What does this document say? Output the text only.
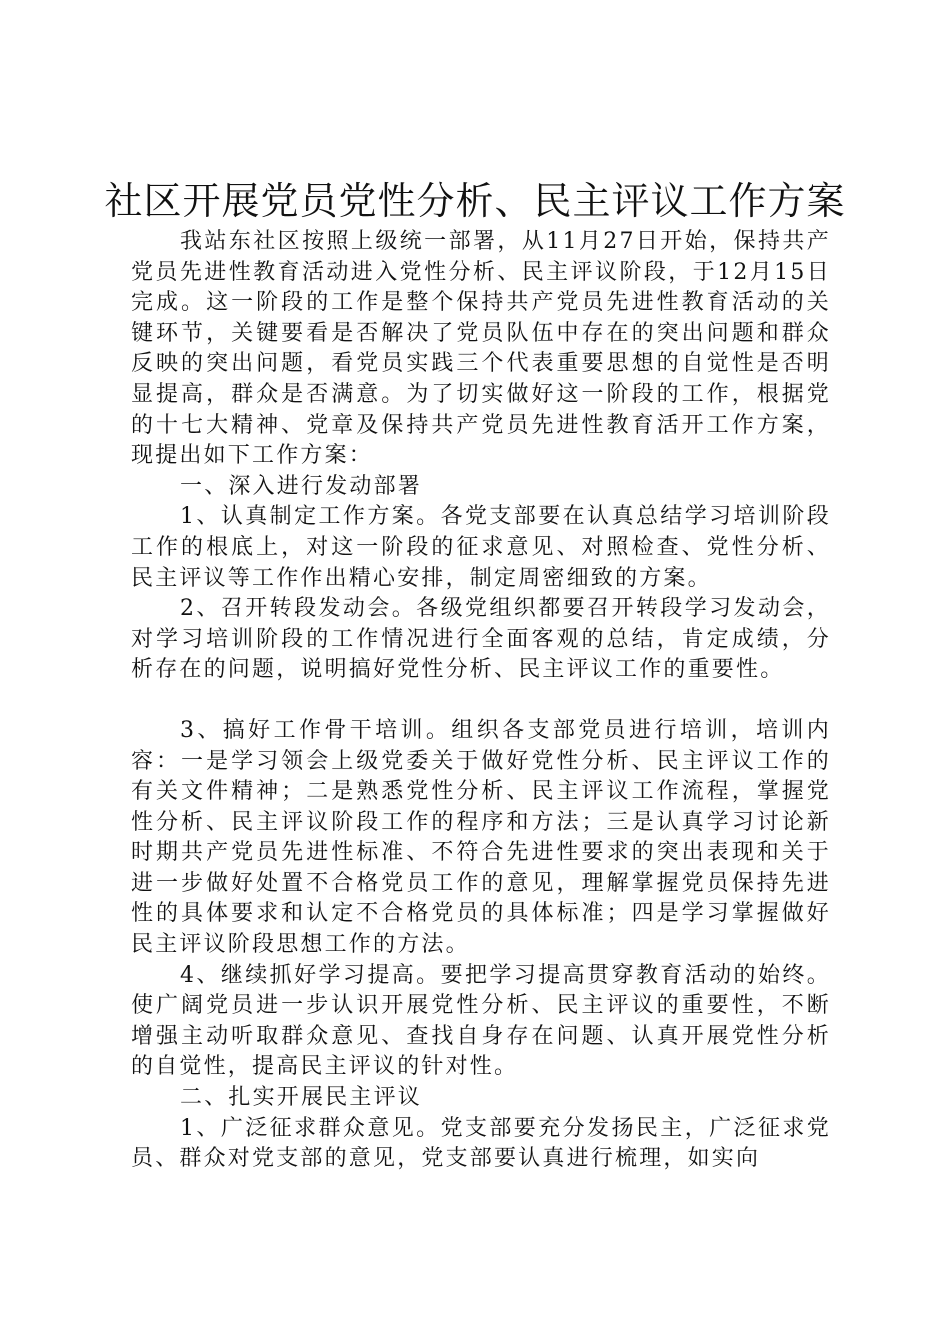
社区开展党员党性分析、民主评议工作方案

我站东社区按照上级统一部署，从11月27日开始，保持共产党员先进性教育活动进入党性分析、民主评议阶段，于12月15日完成。这一阶段的工作是整个保持共产党员先进性教育活动的关键环节，关键要看是否解决了党员队伍中存在的突出问题和群众反映的突出问题，看党员实践三个代表重要思想的自觉性是否明显提高，群众是否满意。为了切实做好这一阶段的工作，根据党的十七大精神、党章及保持共产党员先进性教育活开工作方案，现提出如下工作方案：

一、深入进行发动部署

1、认真制定工作方案。各党支部要在认真总结学习培训阶段工作的根底上，对这一阶段的征求意见、对照检查、党性分析、民主评议等工作作出精心安排，制定周密细致的方案。

2、召开转段发动会。各级党组织都要召开转段学习发动会，对学习培训阶段的工作情况进行全面客观的总结，肯定成绩，分析存在的问题，说明搞好党性分析、民主评议工作的重要性。

3、搞好工作骨干培训。组织各支部党员进行培训，培训内容：一是学习领会上级党委关于做好党性分析、民主评议工作的有关文件精神；二是熟悉党性分析、民主评议工作流程，掌握党性分析、民主评议阶段工作的程序和方法；三是认真学习讨论新时期共产党员先进性标准、不符合先进性要求的突出表现和关于进一步做好处置不合格党员工作的意见，理解掌握党员保持先进性的具体要求和认定不合格党员的具体标准；四是学习掌握做好民主评议阶段思想工作的方法。

4、继续抓好学习提高。要把学习提高贯穿教育活动的始终。使广阔党员进一步认识开展党性分析、民主评议的重要性，不断增强主动听取群众意见、查找自身存在问题、认真开展党性分析的自觉性，提高民主评议的针对性。

二、扎实开展民主评议

1、广泛征求群众意见。党支部要充分发扬民主，广泛征求党员、群众对党支部的意见，党支部要认真进行梳理，如实向
